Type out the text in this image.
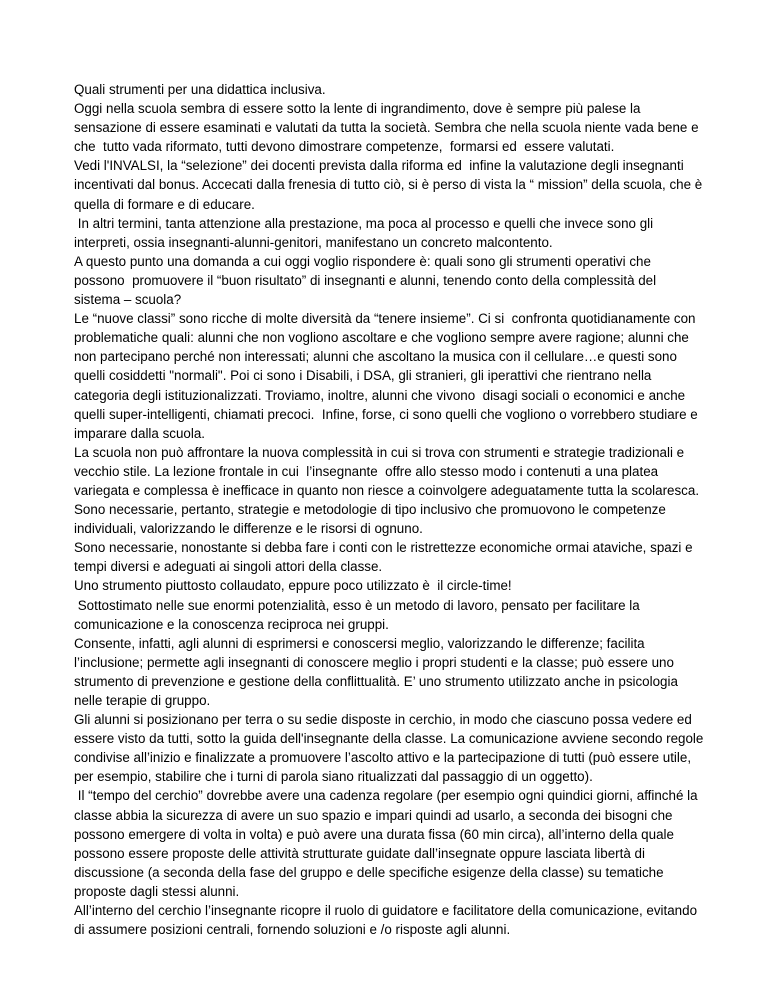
Quali strumenti per una didattica inclusiva.

Oggi nella scuola sembra di essere sotto la lente di ingrandimento, dove è sempre più palese la sensazione di essere esaminati e valutati da tutta la società. Sembra che nella scuola niente vada bene e che  tutto vada riformato, tutti devono dimostrare competenze,  formarsi ed  essere valutati.

Vedi l'INVALSI, la “selezione” dei docenti prevista dalla riforma ed  infine la valutazione degli insegnanti incentivati dal bonus. Accecati dalla frenesia di tutto ciò, si è perso di vista la “ mission” della scuola, che è quella di formare e di educare.

In altri termini, tanta attenzione alla prestazione, ma poca al processo e quelli che invece sono gli interpreti, ossia insegnanti-alunni-genitori, manifestano un concreto malcontento.

A questo punto una domanda a cui oggi voglio rispondere è: quali sono gli strumenti operativi che possono  promuovere il “buon risultato” di insegnanti e alunni, tenendo conto della complessità del sistema – scuola?

Le “nuove classi” sono ricche di molte diversità da “tenere insieme”. Ci si  confronta quotidianamente con problematiche quali: alunni che non vogliono ascoltare e che vogliono sempre avere ragione; alunni che non partecipano perché non interessati; alunni che ascoltano la musica con il cellulare…e questi sono quelli cosiddetti "normali". Poi ci sono i Disabili, i DSA, gli stranieri, gli iperattivi che rientrano nella categoria degli istituzionalizzati. Troviamo, inoltre, alunni che vivono  disagi sociali o economici e anche quelli super-intelligenti, chiamati precoci.  Infine, forse, ci sono quelli che vogliono o vorrebbero studiare e imparare dalla scuola.

La scuola non può affrontare la nuova complessità in cui si trova con strumenti e strategie tradizionali e vecchio stile. La lezione frontale in cui  l’insegnante  offre allo stesso modo i contenuti a una platea variegata e complessa è inefficace in quanto non riesce a coinvolgere adeguatamente tutta la scolaresca. Sono necessarie, pertanto, strategie e metodologie di tipo inclusivo che promuovono le competenze individuali, valorizzando le differenze e le risorsi di ognuno.

Sono necessarie, nonostante si debba fare i conti con le ristrettezze economiche ormai ataviche, spazi e tempi diversi e adeguati ai singoli attori della classe.

Uno strumento piuttosto collaudato, eppure poco utilizzato è  il circle-time!

Sottostimato nelle sue enormi potenzialità, esso è un metodo di lavoro, pensato per facilitare la comunicazione e la conoscenza reciproca nei gruppi.

Consente, infatti, agli alunni di esprimersi e conoscersi meglio, valorizzando le differenze; facilita l’inclusione; permette agli insegnanti di conoscere meglio i propri studenti e la classe; può essere uno strumento di prevenzione e gestione della conflittualità. E’ uno strumento utilizzato anche in psicologia nelle terapie di gruppo.

Gli alunni si posizionano per terra o su sedie disposte in cerchio, in modo che ciascuno possa vedere ed essere visto da tutti, sotto la guida dell'insegnante della classe. La comunicazione avviene secondo regole condivise all’inizio e finalizzate a promuovere l’ascolto attivo e la partecipazione di tutti (può essere utile, per esempio, stabilire che i turni di parola siano ritualizzati dal passaggio di un oggetto).

Il “tempo del cerchio” dovrebbe avere una cadenza regolare (per esempio ogni quindici giorni, affinché la classe abbia la sicurezza di avere un suo spazio e impari quindi ad usarlo, a seconda dei bisogni che possono emergere di volta in volta) e può avere una durata fissa (60 min circa), all’interno della quale possono essere proposte delle attività strutturate guidate dall’insegnate oppure lasciata libertà di discussione (a seconda della fase del gruppo e delle specifiche esigenze della classe) su tematiche proposte dagli stessi alunni.

All’interno del cerchio l’insegnante ricopre il ruolo di guidatore e facilitatore della comunicazione, evitando di assumere posizioni centrali, fornendo soluzioni e /o risposte agli alunni.
